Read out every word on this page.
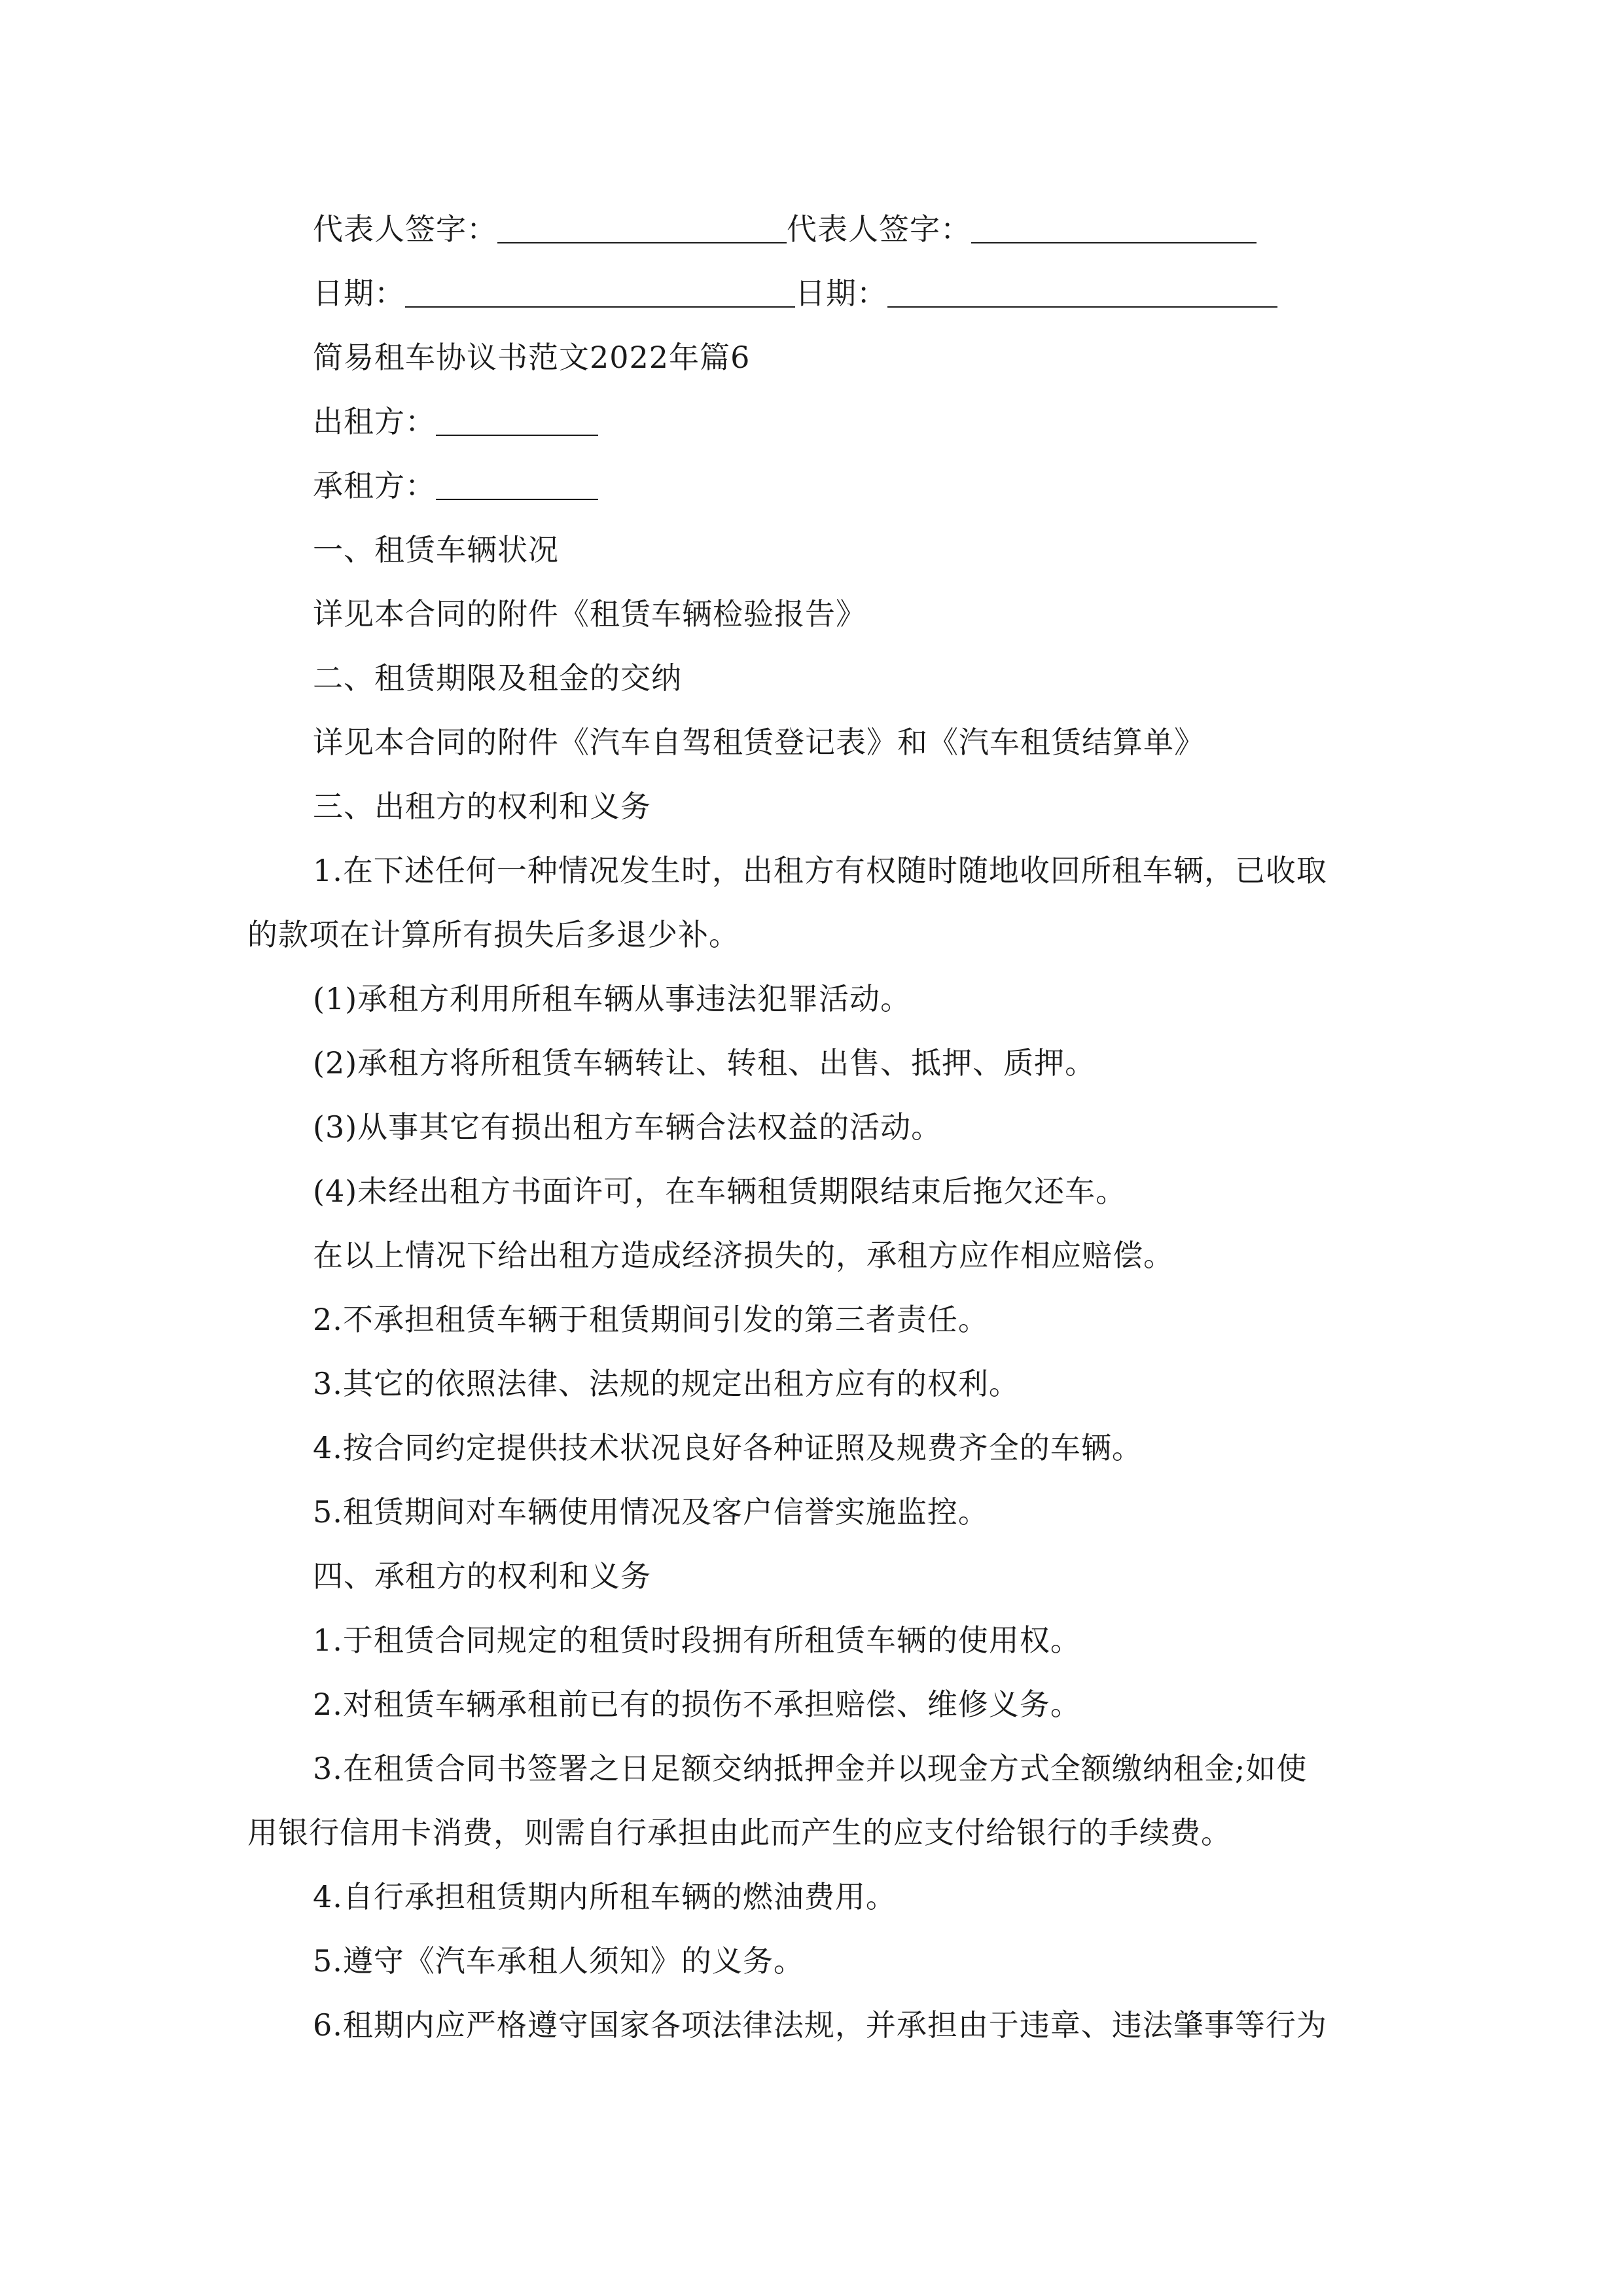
代表人签字：	代表人签字：
日期：	日期：
简易租车协议书范文2022年篇6
出租方：
承租方：
一、租赁车辆状况
详见本合同的附件《租赁车辆检验报告》
二、租赁期限及租金的交纳
详见本合同的附件《汽车自驾租赁登记表》和《汽车租赁结算单》
三、出租方的权利和义务
1.在下述任何一种情况发生时，出租方有权随时随地收回所租车辆，已收取
的款项在计算所有损失后多退少补。
(1)承租方利用所租车辆从事违法犯罪活动。
(2)承租方将所租赁车辆转让、转租、出售、抵押、质押。
(3)从事其它有损出租方车辆合法权益的活动。
(4)未经出租方书面许可，在车辆租赁期限结束后拖欠还车。
在以上情况下给出租方造成经济损失的，承租方应作相应赔偿。
2.不承担租赁车辆于租赁期间引发的第三者责任。
3.其它的依照法律、法规的规定出租方应有的权利。
4.按合同约定提供技术状况良好各种证照及规费齐全的车辆。
5.租赁期间对车辆使用情况及客户信誉实施监控。
四、承租方的权利和义务
1.于租赁合同规定的租赁时段拥有所租赁车辆的使用权。
2.对租赁车辆承租前已有的损伤不承担赔偿、维修义务。
3.在租赁合同书签署之日足额交纳抵押金并以现金方式全额缴纳租金;如使
用银行信用卡消费，则需自行承担由此而产生的应支付给银行的手续费。
4.自行承担租赁期内所租车辆的燃油费用。
5.遵守《汽车承租人须知》的义务。
6.租期内应严格遵守国家各项法律法规，并承担由于违章、违法肇事等行为
